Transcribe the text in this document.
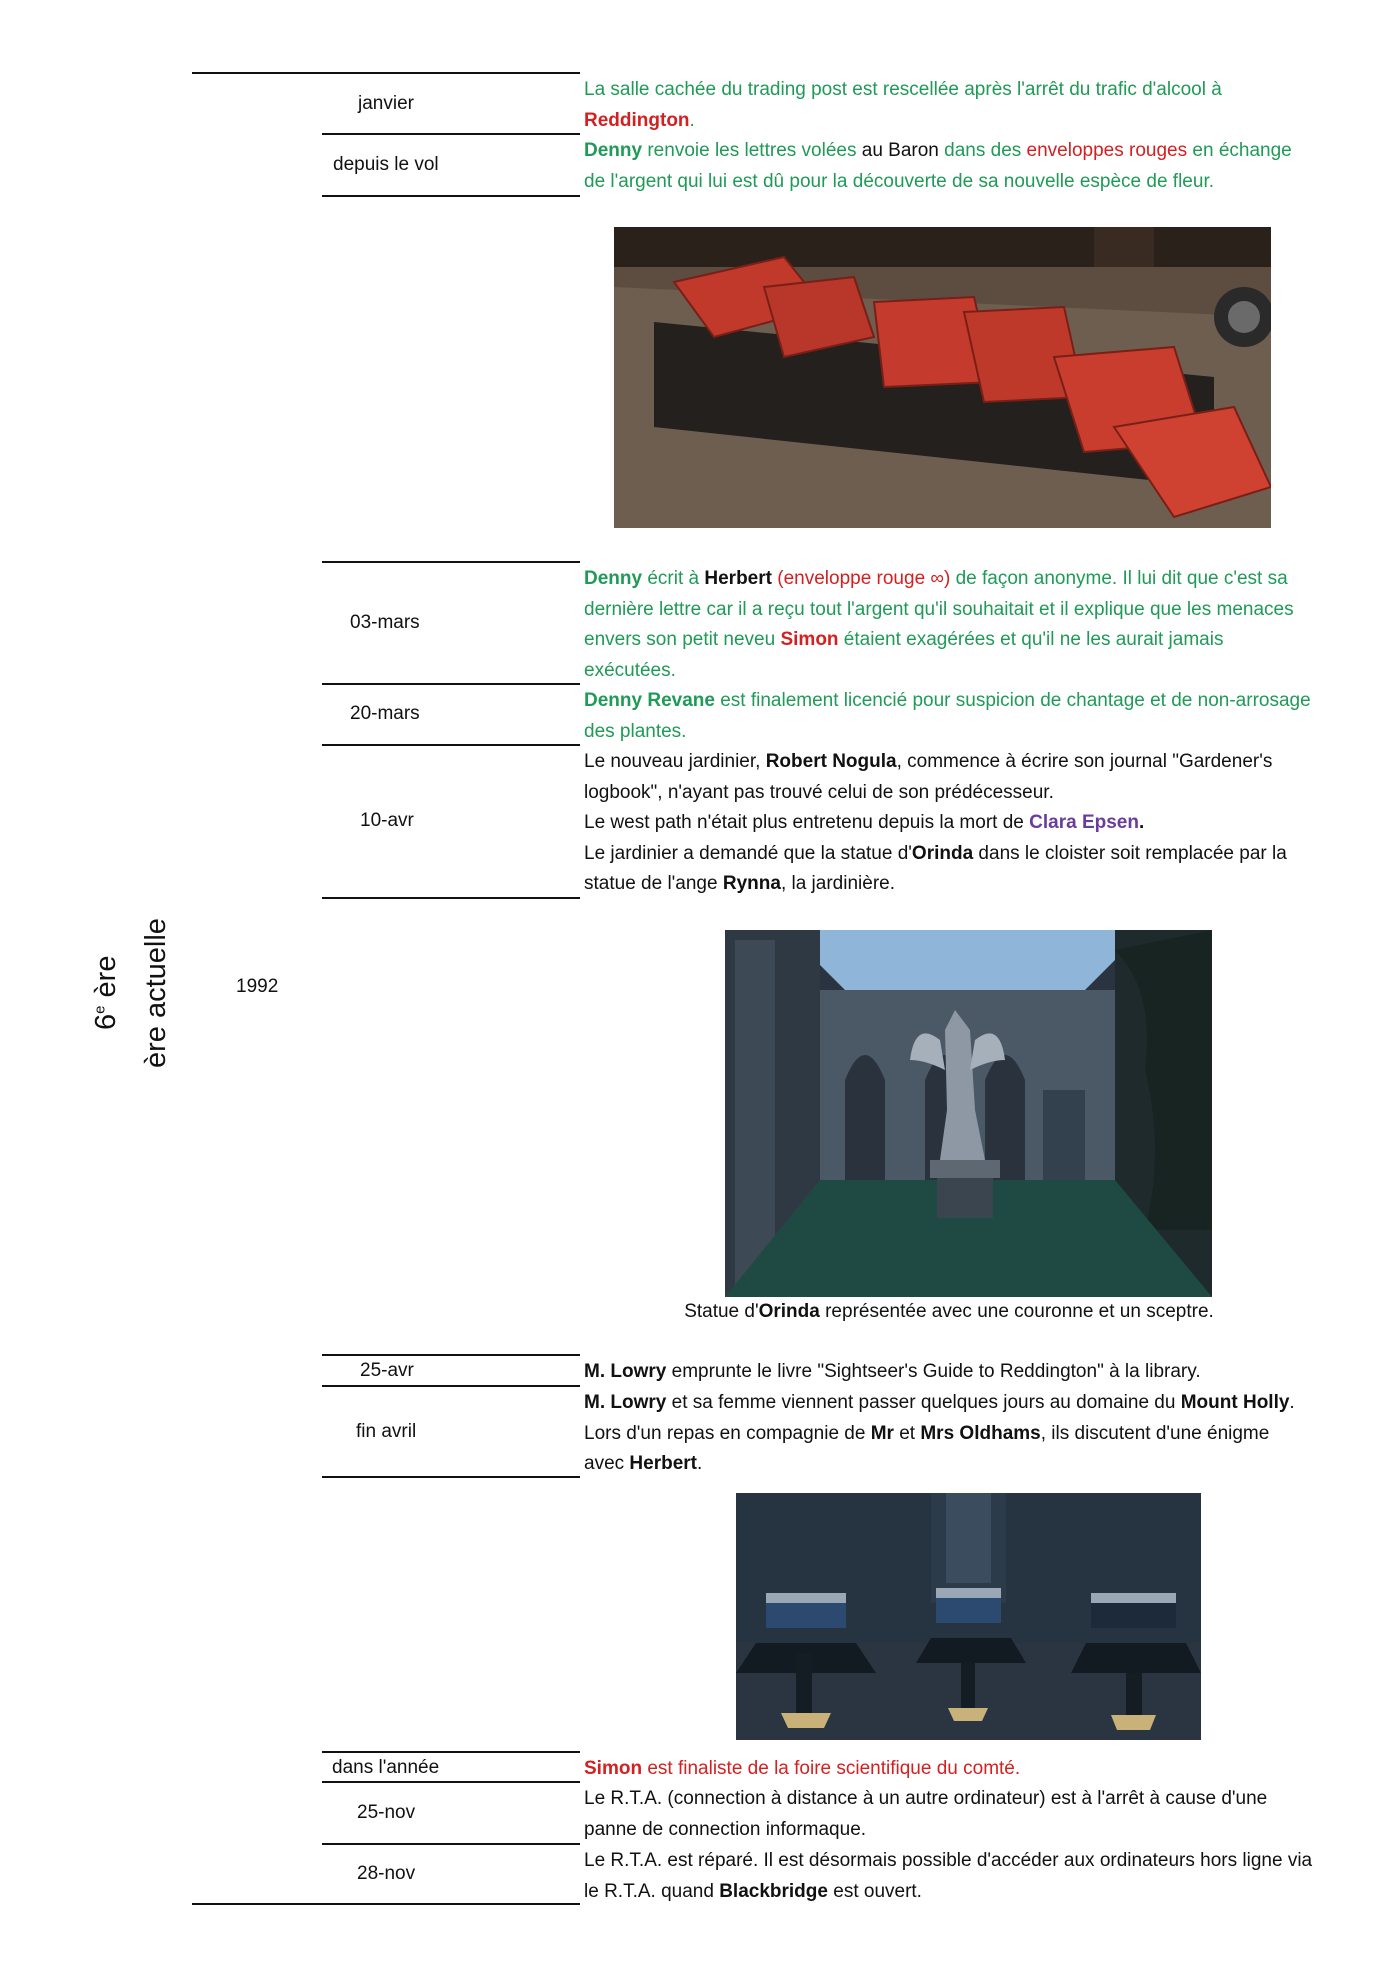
6e ère ère actuelle	1992
janvier
depuis le vol
03-mars
20-mars
10-avr
25-avr
fin avril
dans l'année
25-nov
28-nov

La salle cachée du trading post est rescellée après l'arrêt du trafic d'alcool à Reddington.

Denny renvoie les lettres volées au Baron dans des enveloppes rouges en échange de l'argent qui lui est dû pour la découverte de sa nouvelle espèce de fleur.

Denny écrit à Herbert (enveloppe rouge ∞) de façon anonyme. Il lui dit que c'est sa dernière lettre car il a reçu tout l'argent qu'il souhaitait et il explique que les menaces envers son petit neveu Simon étaient exagérées et qu'il ne les aurait jamais exécutées.

Denny Revane est finalement licencié pour suspicion de chantage et de non-arrosage des plantes.

Le nouveau jardinier, Robert Nogula, commence à écrire son journal "Gardener's logbook", n'ayant pas trouvé celui de son prédécesseur.
Le west path n'était plus entretenu depuis la mort de Clara Epsen.
Le jardinier a demandé que la statue d'Orinda dans le cloister soit remplacée par la statue de l'ange Rynna, la jardinière.
Statue d'Orinda représentée avec une couronne et un sceptre.

M. Lowry emprunte le livre "Sightseer's Guide to Reddington" à la library.

M. Lowry et sa femme viennent passer quelques jours au domaine du Mount Holly. Lors d'un repas en compagnie de Mr et Mrs Oldhams, ils discutent d'une énigme avec Herbert.

Simon est finaliste de la foire scientifique du comté.

Le R.T.A. (connection à distance à un autre ordinateur) est à l'arrêt à cause d'une panne de connection informaque.

Le R.T.A. est réparé. Il est désormais possible d'accéder aux ordinateurs hors ligne via le R.T.A. quand Blackbridge est ouvert.
